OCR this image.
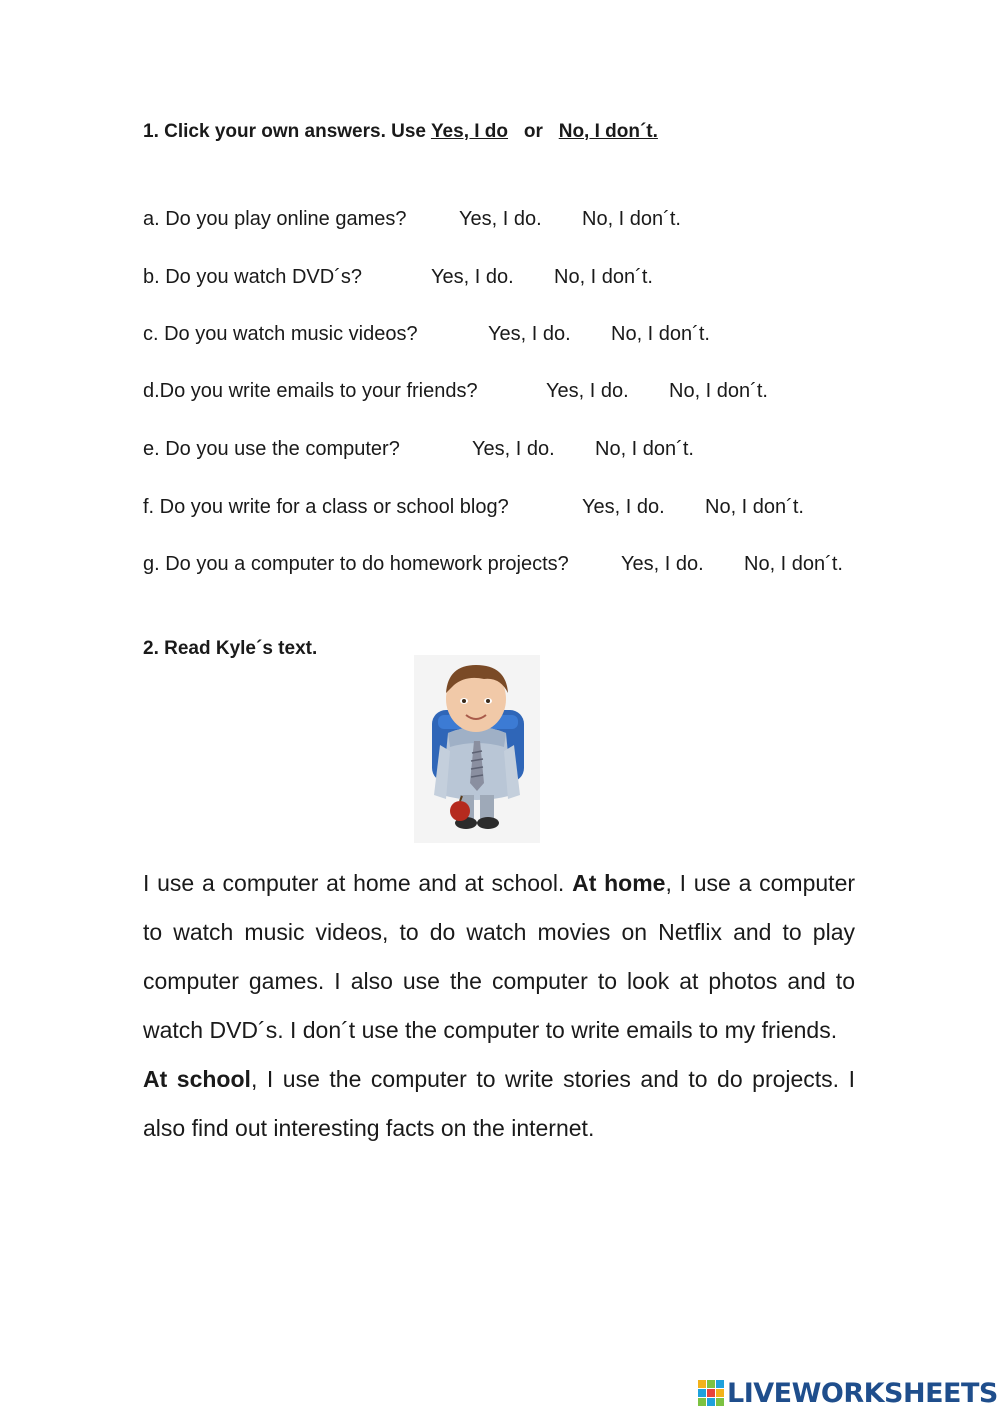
1. Click your own answers. Use Yes, I do or No, I don´t.
a. Do you play online games?	Yes, I do. No, I don´t.
b. Do you watch DVD´s?	Yes, I do. No, I don´t.
c. Do you watch music videos?	Yes, I do. No, I don´t.
d.Do you write emails to your friends?	Yes, I do. No, I don´t.
e. Do you use the computer?	Yes, I do. No, I don´t.
f. Do you write for a class or school blog?	Yes, I do. No, I don´t.
g. Do you a computer to do homework projects?	Yes, I do. No, I don´t.
2. Read Kyle´s text.

I use a computer at home and at school. At home, I use a computer to watch music videos, to do watch movies on Netflix and to play computer games. I also use the computer to look at photos and to watch DVD´s. I don´t use the computer to write emails to my friends.

At school, I use the computer to write stories and to do projects. I also find out interesting facts on the internet.

LIVEWORKSHEETS
